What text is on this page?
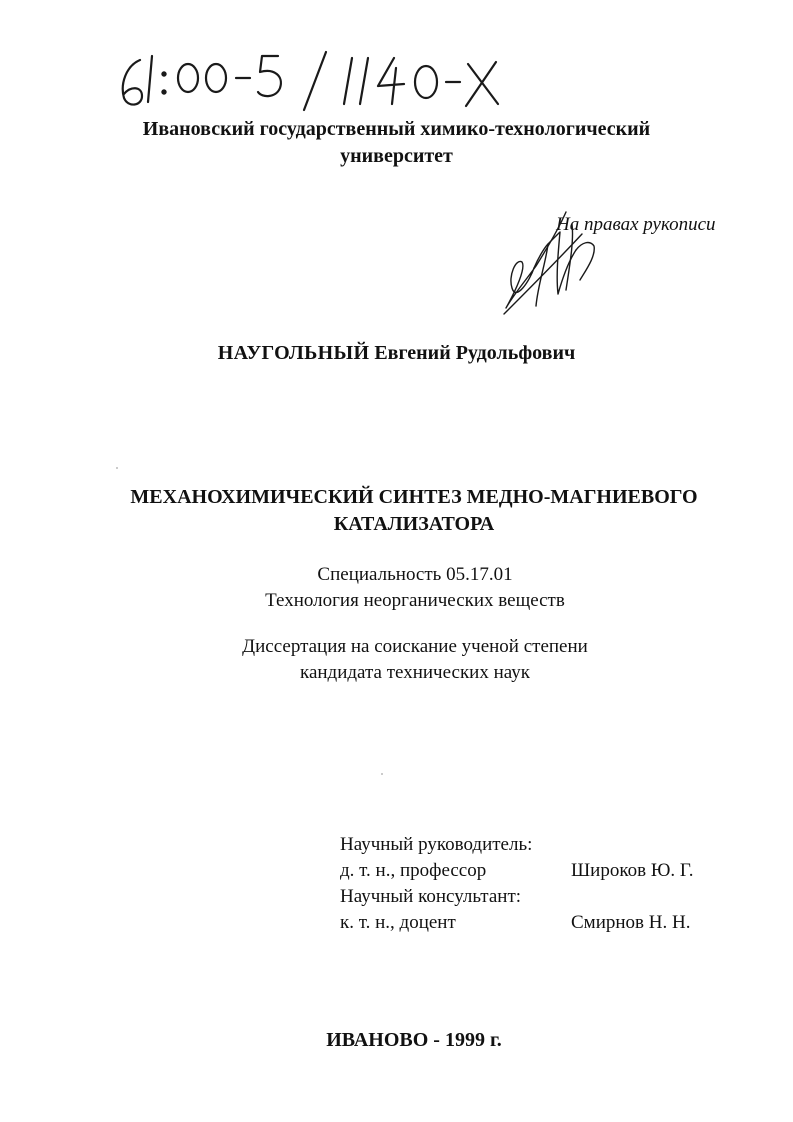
Ивановский государственный химико-технологический
университет
На правах рукописи
НАУГОЛЬНЫЙ Евгений Рудольфович
МЕХАНОХИМИЧЕСКИЙ СИНТЕЗ МЕДНО-МАГНИЕВОГО
КАТАЛИЗАТОРА
Специальность 05.17.01
Технология неорганических веществ
Диссертация на соискание ученой степени
кандидата технических наук
Научный руководитель:
д. т. н., профессор	Широков Ю. Г.
Научный консультант:
к. т. н., доцент	Смирнов Н. Н.
ИВАНОВО - 1999 г.
